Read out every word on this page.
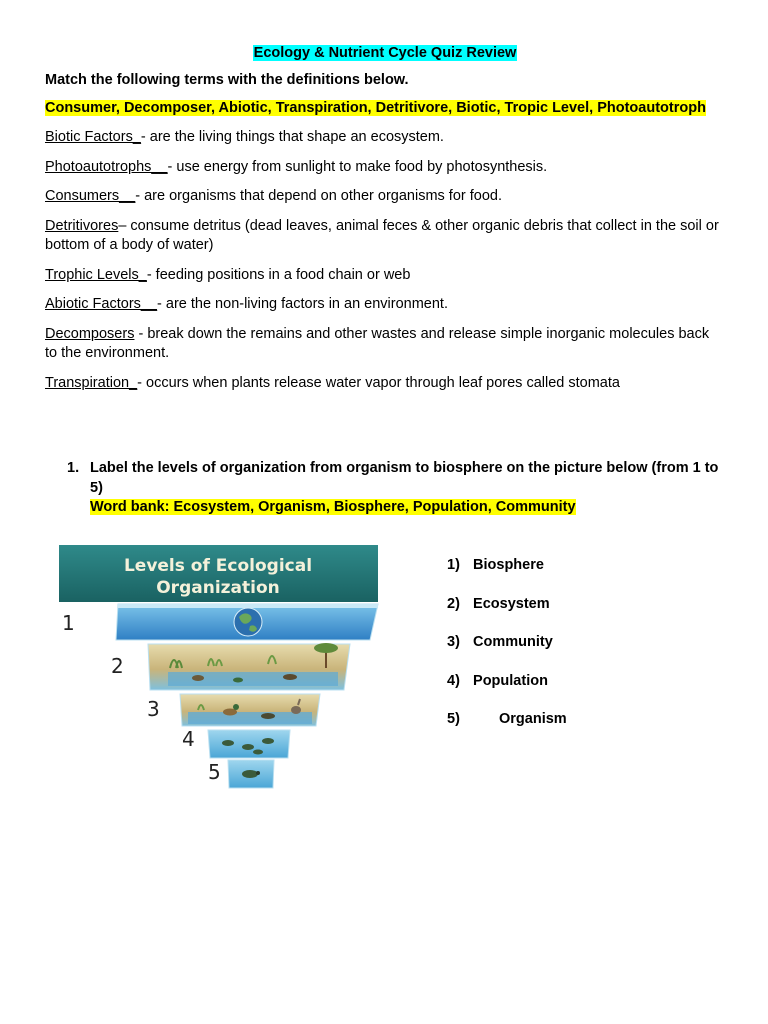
Ecology & Nutrient Cycle Quiz Review
Match the following terms with the definitions below.
Consumer, Decomposer, Abiotic, Transpiration, Detritivore, Biotic, Tropic Level, Photoautotroph
Biotic Factors_- are the living things that shape an ecosystem.
Photoautotrophs__- use energy from sunlight to make food by photosynthesis.
Consumers__- are organisms that depend on other organisms for food.
Detritivores– consume detritus (dead leaves, animal feces & other organic debris that collect in the soil or bottom of a body of water)
Trophic Levels_- feeding positions in a food chain or web
Abiotic Factors__- are the non-living factors in an environment.
Decomposers - break down the remains and other wastes and release simple inorganic molecules back to the environment.
Transpiration_- occurs when plants release water vapor through leaf pores called stomata
1. Label the levels of organization from organism to biosphere on the picture below (from 1 to 5)
Word bank: Ecosystem, Organism, Biosphere, Population, Community
Levels of Ecological
Organization
1
2
3
4
5
1) Biosphere
2) Ecosystem
3) Community
4) Population
5)	Organism
